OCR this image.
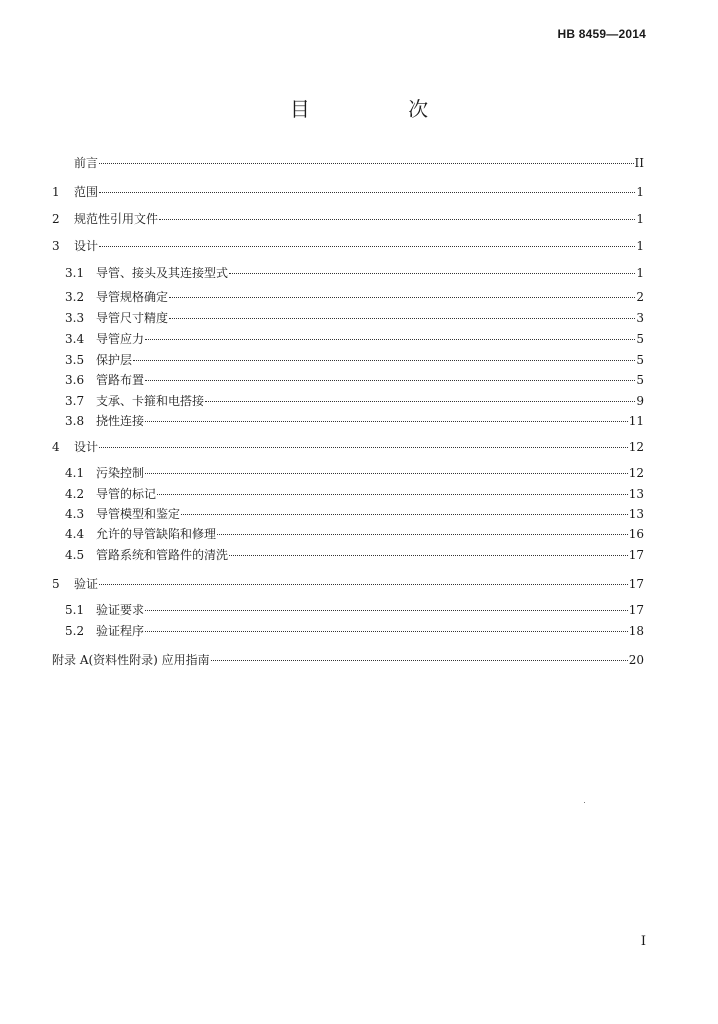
HB 8459—2014
目 次
前言	II
1	范围	1
2	规范性引用文件	1
3	设计	1
3.1 导管、接头及其连接型式	1
3.2 导管规格确定	2
3.3 导管尺寸精度	3
3.4 导管应力	5
3.5 保护层	5
3.6 管路布置	5
3.7 支承、卡箍和电搭接	9
3.8 挠性连接	11
4	设计	12
4.1 污染控制	12
4.2 导管的标记	13
4.3 导管模型和鉴定	13
4.4 允许的导管缺陷和修理	16
4.5 管路系统和管路件的清洗	17
5	验证	17
5.1 验证要求	17
5.2 验证程序	18
附录 A(资料性附录) 应用指南	20
I
